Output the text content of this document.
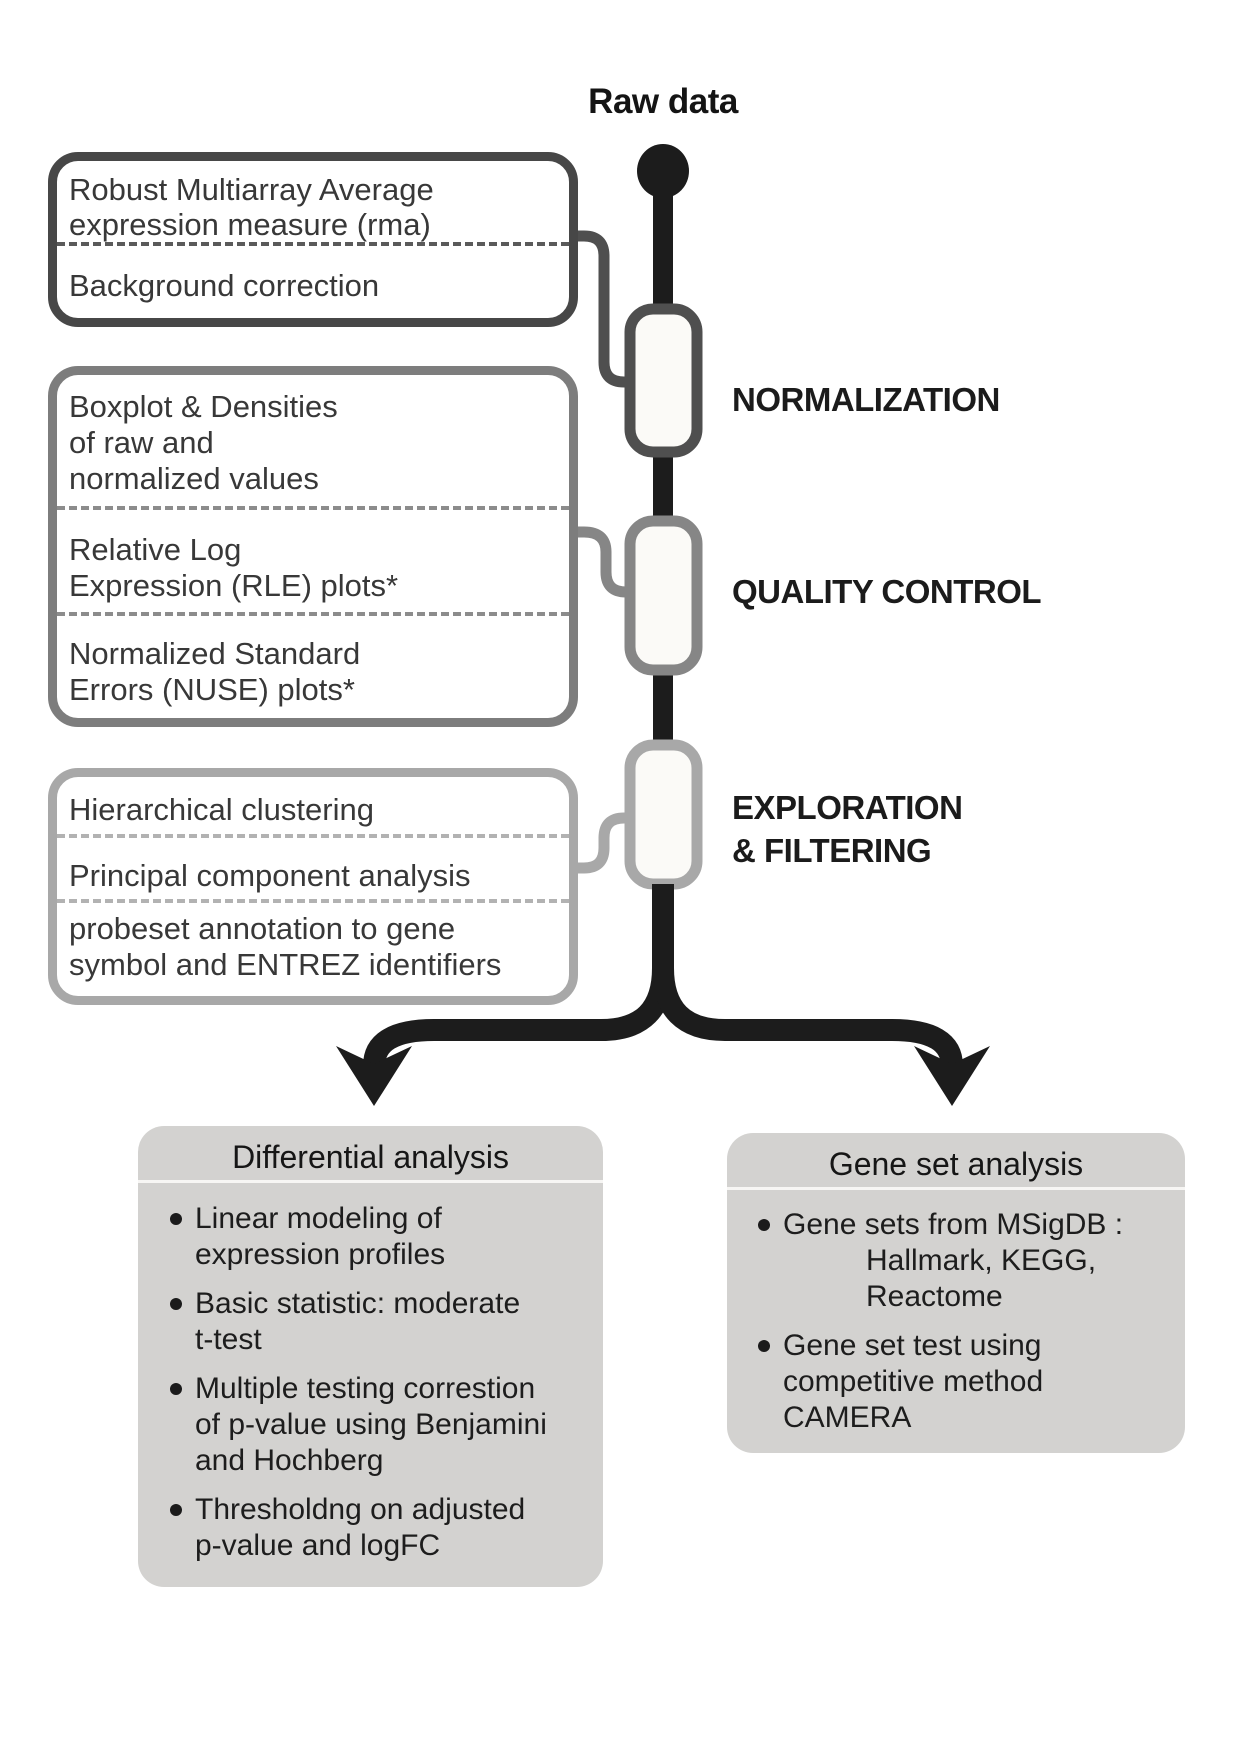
Raw data
NORMALIZATION
QUALITY CONTROL
EXPLORATION
& FILTERING
Robust Multiarray Average
expression measure (rma)
Background correction
Boxplot & Densities
of raw and
normalized values
Relative Log
Expression (RLE) plots*
Normalized Standard
Errors (NUSE) plots*
Hierarchical clustering
Principal component analysis
probeset annotation to gene
symbol and ENTREZ identifiers
Differential analysis
Linear modeling of
expression profiles
Basic statistic: moderate
t-test
Multiple testing correstion
of p-value using Benjamini
and Hochberg
Thresholdng on adjusted
p-value and logFC
Gene set analysis
Gene sets from MSigDB :
Hallmark, KEGG,
Reactome
Gene set test using
competitive method
CAMERA
